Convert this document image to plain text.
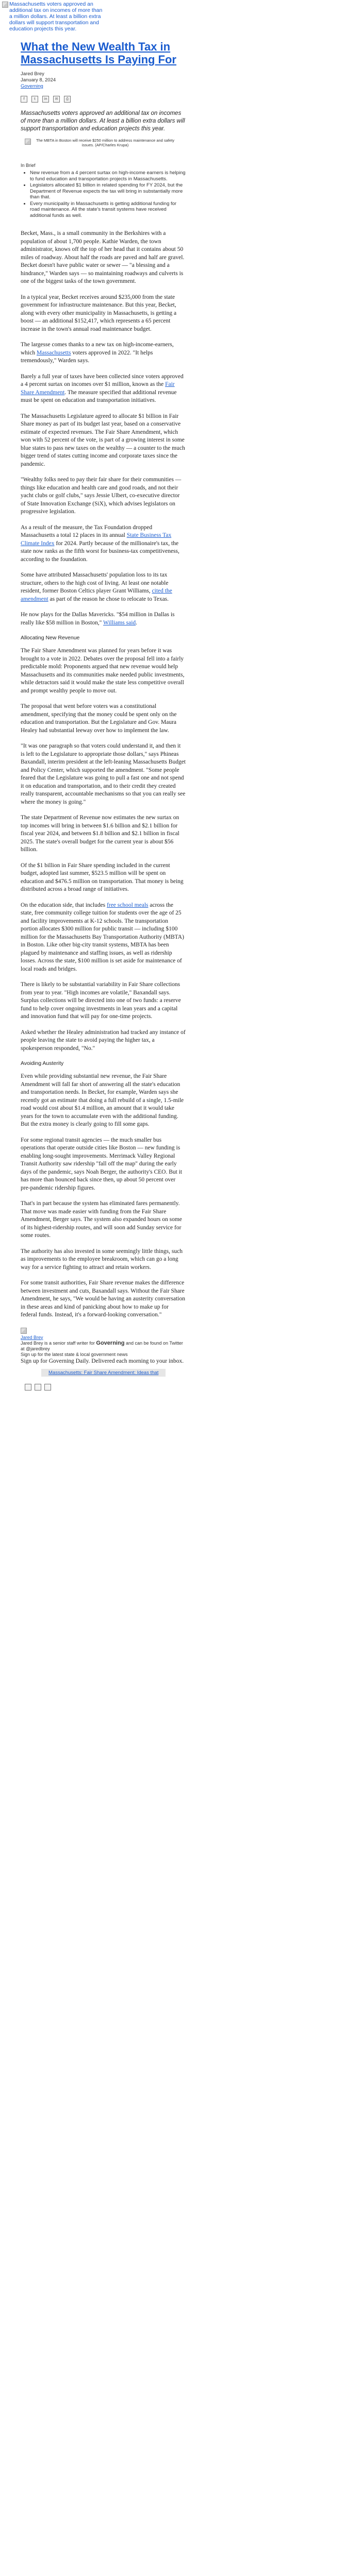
Massachusetts voters approved an additional tax on incomes of more than a million dollars. At least a billion extra dollars will support transportation and education projects this year.
What the New Wealth Tax in Massachusetts Is Paying For
Jared Brey
January 8, 2024
Governing
f	t	in	✉	⎙

Massachusetts voters approved an additional tax on incomes of more than a million dollars. At least a billion extra dollars will support transportation and education projects this year.

The MBTA in Boston will receive $250 million to address maintenance and safety issues. (AP/Charles Krupa)
In Brief
• New revenue from a 4 percent surtax on high-income earners is helping to fund education and transportation projects in Massachusetts.
• Legislators allocated $1 billion in related spending for FY 2024, but the Department of Revenue expects the tax will bring in substantially more than that.
• Every municipality in Massachusetts is getting additional funding for road maintenance. All the state's transit systems have received additional funds as well.

Becket, Mass., is a small community in the Berkshires with a population of about 1,700 people. Kathie Warden, the town administrator, knows off the top of her head that it contains about 50 miles of roadway. About half the roads are paved and half are gravel. Becket doesn't have public water or sewer — "a blessing and a hindrance," Warden says — so maintaining roadways and culverts is one of the biggest tasks of the town government.

In a typical year, Becket receives around $235,000 from the state government for infrastructure maintenance. But this year, Becket, along with every other municipality in Massachusetts, is getting a boost — an additional $152,417, which represents a 65 percent increase in the town's annual road maintenance budget.

The largesse comes thanks to a new tax on high-income-earners, which Massachusetts voters approved in 2022. "It helps tremendously," Warden says.

Barely a full year of taxes have been collected since voters approved a 4 percent surtax on incomes over $1 million, known as the Fair Share Amendment. The measure specified that additional revenue must be spent on education and transportation initiatives.

The Massachusetts Legislature agreed to allocate $1 billion in Fair Share money as part of its budget last year, based on a conservative estimate of expected revenues. The Fair Share Amendment, which won with 52 percent of the vote, is part of a growing interest in some blue states to pass new taxes on the wealthy — a counter to the much bigger trend of states cutting income and corporate taxes since the pandemic.

"Wealthy folks need to pay their fair share for their communities — things like education and health care and good roads, and not their yacht clubs or golf clubs," says Jessie Ulbert, co-executive director of State Innovation Exchange (SiX), which advises legislators on progressive legislation.

As a result of the measure, the Tax Foundation dropped Massachusetts a total 12 places in its annual State Business Tax Climate Index for 2024. Partly because of the millionaire's tax, the state now ranks as the fifth worst for business-tax competitiveness, according to the foundation.

Some have attributed Massachusetts' population loss to its tax structure, others to the high cost of living. At least one notable resident, former Boston Celtics player Grant Williams, cited the amendment as part of the reason he chose to relocate to Texas.

He now plays for the Dallas Mavericks. "$54 million in Dallas is really like $58 million in Boston," Williams said.

Allocating New Revenue

The Fair Share Amendment was planned for years before it was brought to a vote in 2022. Debates over the proposal fell into a fairly predictable mold: Proponents argued that new revenue would help Massachusetts and its communities make needed public investments, while detractors said it would make the state less competitive overall and prompt wealthy people to move out.

The proposal that went before voters was a constitutional amendment, specifying that the money could be spent only on the education and transportation. But the Legislature and Gov. Maura Healey had substantial leeway over how to implement the law.

"It was one paragraph so that voters could understand it, and then it is left to the Legislature to appropriate those dollars," says Phineas Baxandall, interim president at the left-leaning Massachusetts Budget and Policy Center, which supported the amendment. "Some people feared that the Legislature was going to pull a fast one and not spend it on education and transportation, and to their credit they created really transparent, accountable mechanisms so that you can really see where the money is going."

The state Department of Revenue now estimates the new surtax on top incomes will bring in between $1.6 billion and $2.1 billion for fiscal year 2024, and between $1.8 billion and $2.1 billion in fiscal 2025. The state's overall budget for the current year is about $56 billion.

Of the $1 billion in Fair Share spending included in the current budget, adopted last summer, $523.5 million will be spent on education and $476.5 million on transportation. That money is being distributed across a broad range of initiatives.

On the education side, that includes free school meals across the state, free community college tuition for students over the age of 25 and facility improvements at K-12 schools. The transportation portion allocates $300 million for public transit — including $100 million for the Massachusetts Bay Transportation Authority (MBTA) in Boston. Like other big-city transit systems, MBTA has been plagued by maintenance and staffing issues, as well as ridership losses. Across the state, $100 million is set aside for maintenance of local roads and bridges.

There is likely to be substantial variability in Fair Share collections from year to year. "High incomes are volatile," Baxandall says. Surplus collections will be directed into one of two funds: a reserve fund to help cover ongoing investments in lean years and a capital and innovation fund that will pay for one-time projects.

Asked whether the Healey administration had tracked any instance of people leaving the state to avoid paying the higher tax, a spokesperson responded, "No."

Avoiding Austerity

Even while providing substantial new revenue, the Fair Share Amendment will fall far short of answering all the state's education and transportation needs. In Becket, for example, Warden says she recently got an estimate that doing a full rebuild of a single, 1.5-mile road would cost about $1.4 million, an amount that it would take years for the town to accumulate even with the additional funding. But the extra money is clearly going to fill some gaps.

For some regional transit agencies — the much smaller bus operations that operate outside cities like Boston — new funding is enabling long-sought improvements. Merrimack Valley Regional Transit Authority saw ridership "fall off the map" during the early days of the pandemic, says Noah Berger, the authority's CEO. But it has more than bounced back since then, up about 50 percent over pre-pandemic ridership figures.

That's in part because the system has eliminated fares permanently. That move was made easier with funding from the Fair Share Amendment, Berger says. The system also expanded hours on some of its highest-ridership routes, and will soon add Sunday service for some routes.

The authority has also invested in some seemingly little things, such as improvements to the employee breakroom, which can go a long way for a service fighting to attract and retain workers.

For some transit authorities, Fair Share revenue makes the difference between investment and cuts, Baxandall says. Without the Fair Share Amendment, he says, "We would be having an austerity conversation in these areas and kind of panicking about how to make up for federal funds. Instead, it's a forward-looking conversation."

Jared Brey
Jared Brey is a senior staff writer for Governing and can be found on Twitter at @jaredbrey
Sign up for the latest state & local government news

Sign up for Governing Daily. Delivered each morning to your inbox.

Massachusetts: Fair Share Amendment: Ideas that
